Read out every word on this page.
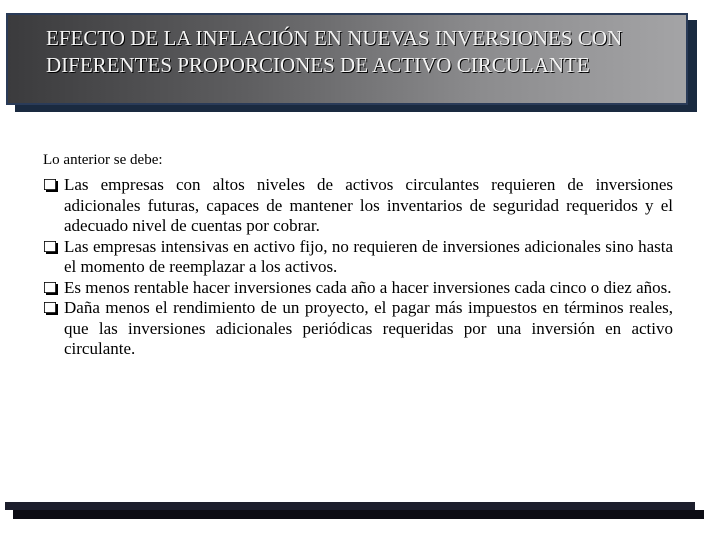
EFECTO DE LA INFLACIÓN EN NUEVAS INVERSIONES CON DIFERENTES PROPORCIONES DE ACTIVO CIRCULANTE

Lo anterior se debe:

Las empresas con altos niveles de activos circulantes requieren de inversiones adicionales futuras, capaces de mantener los inventarios de seguridad requeridos y el adecuado nivel de cuentas por cobrar.
Las empresas intensivas en activo fijo, no requieren de inversiones adicionales sino hasta el momento de reemplazar a los activos.
Es menos rentable hacer inversiones cada año a hacer inversiones cada cinco o diez años.
Daña menos el rendimiento de un proyecto, el pagar más impuestos en términos reales, que las inversiones adicionales periódicas requeridas por una inversión en activo circulante.
